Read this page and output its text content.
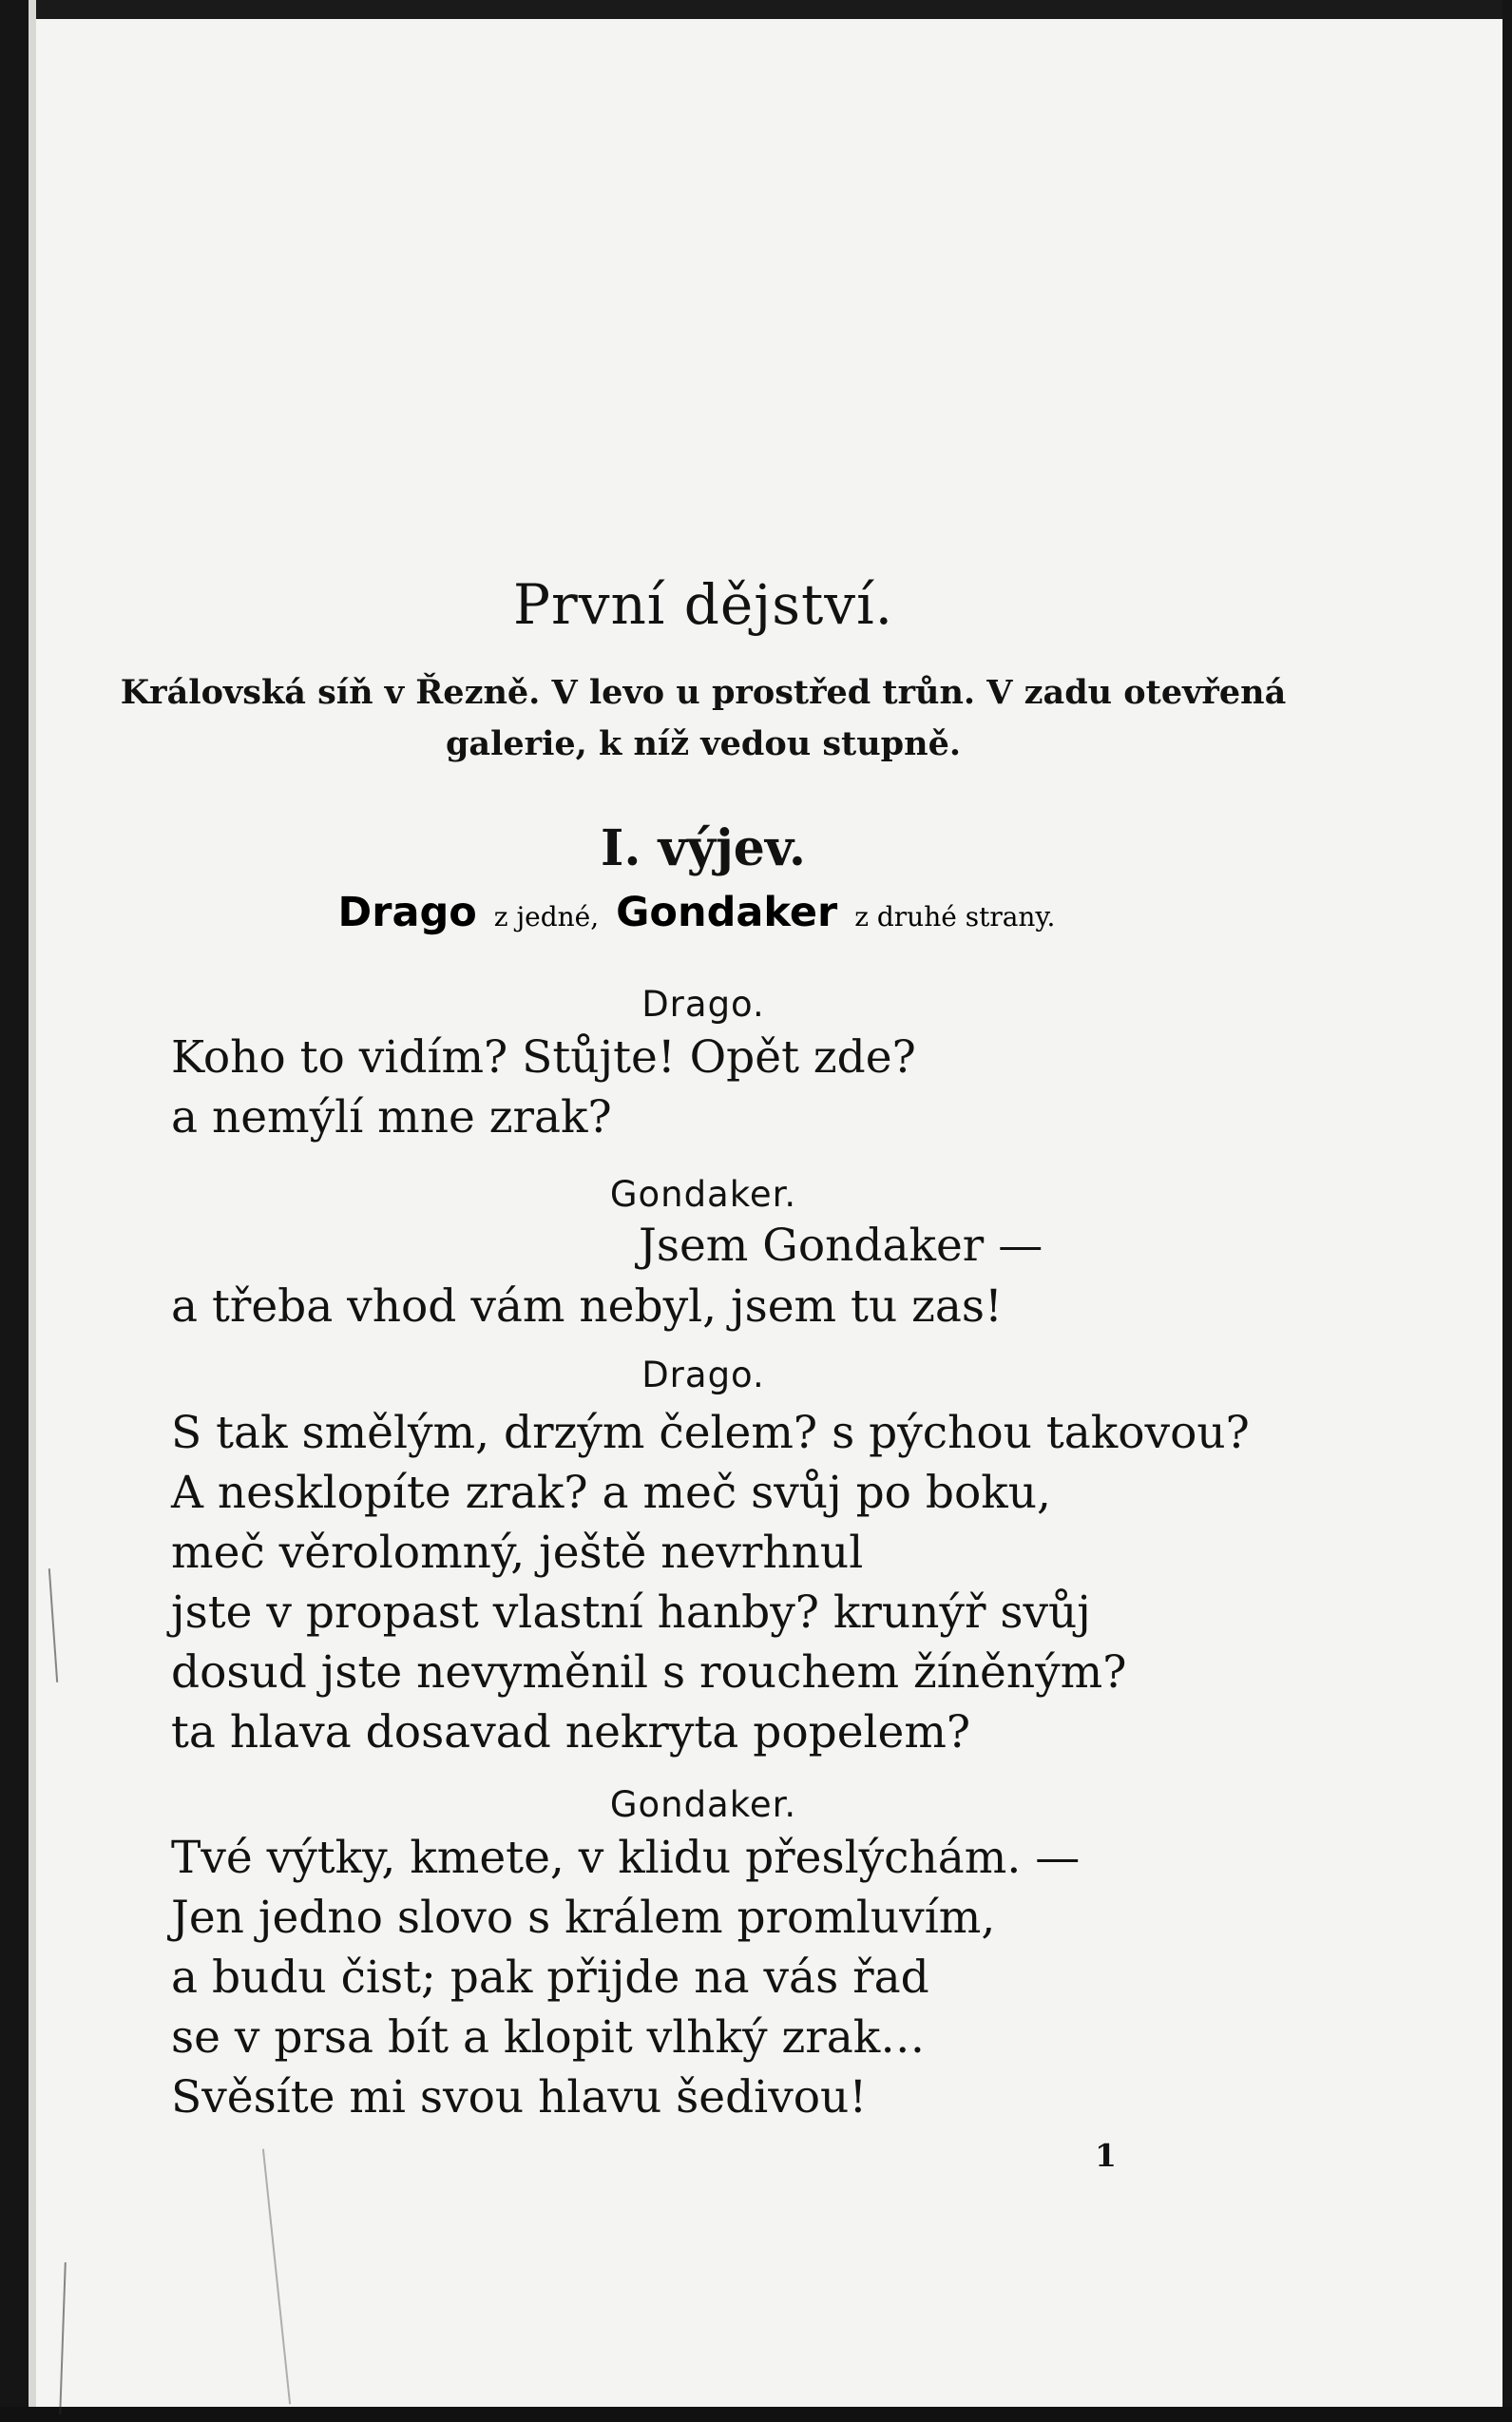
První dějství.
Královská síň v Řezně. V levo u prostřed trůn. V zadu otevřená
galerie, k níž vedou stupně.
I. výjev.
Drago z jedné, Gondaker z druhé strany.
Drago.
Koho to vidím? Stůjte! Opět zde?
a nemýlí mne zrak?
Gondaker.
Jsem Gondaker —
a třeba vhod vám nebyl, jsem tu zas!
Drago.
S tak smělým, drzým čelem? s pýchou takovou?
A nesklopíte zrak? a meč svůj po boku,
meč věrolomný, ještě nevrhnul
jste v propast vlastní hanby? krunýř svůj
dosud jste nevyměnil s rouchem žíněným?
ta hlava dosavad nekryta popelem?
Gondaker.
Tvé výtky, kmete, v klidu přeslýchám. —
Jen jedno slovo s králem promluvím,
a budu čist; pak přijde na vás řad
se v prsa bít a klopit vlhký zrak…
Svěsíte mi svou hlavu šedivou!
1
